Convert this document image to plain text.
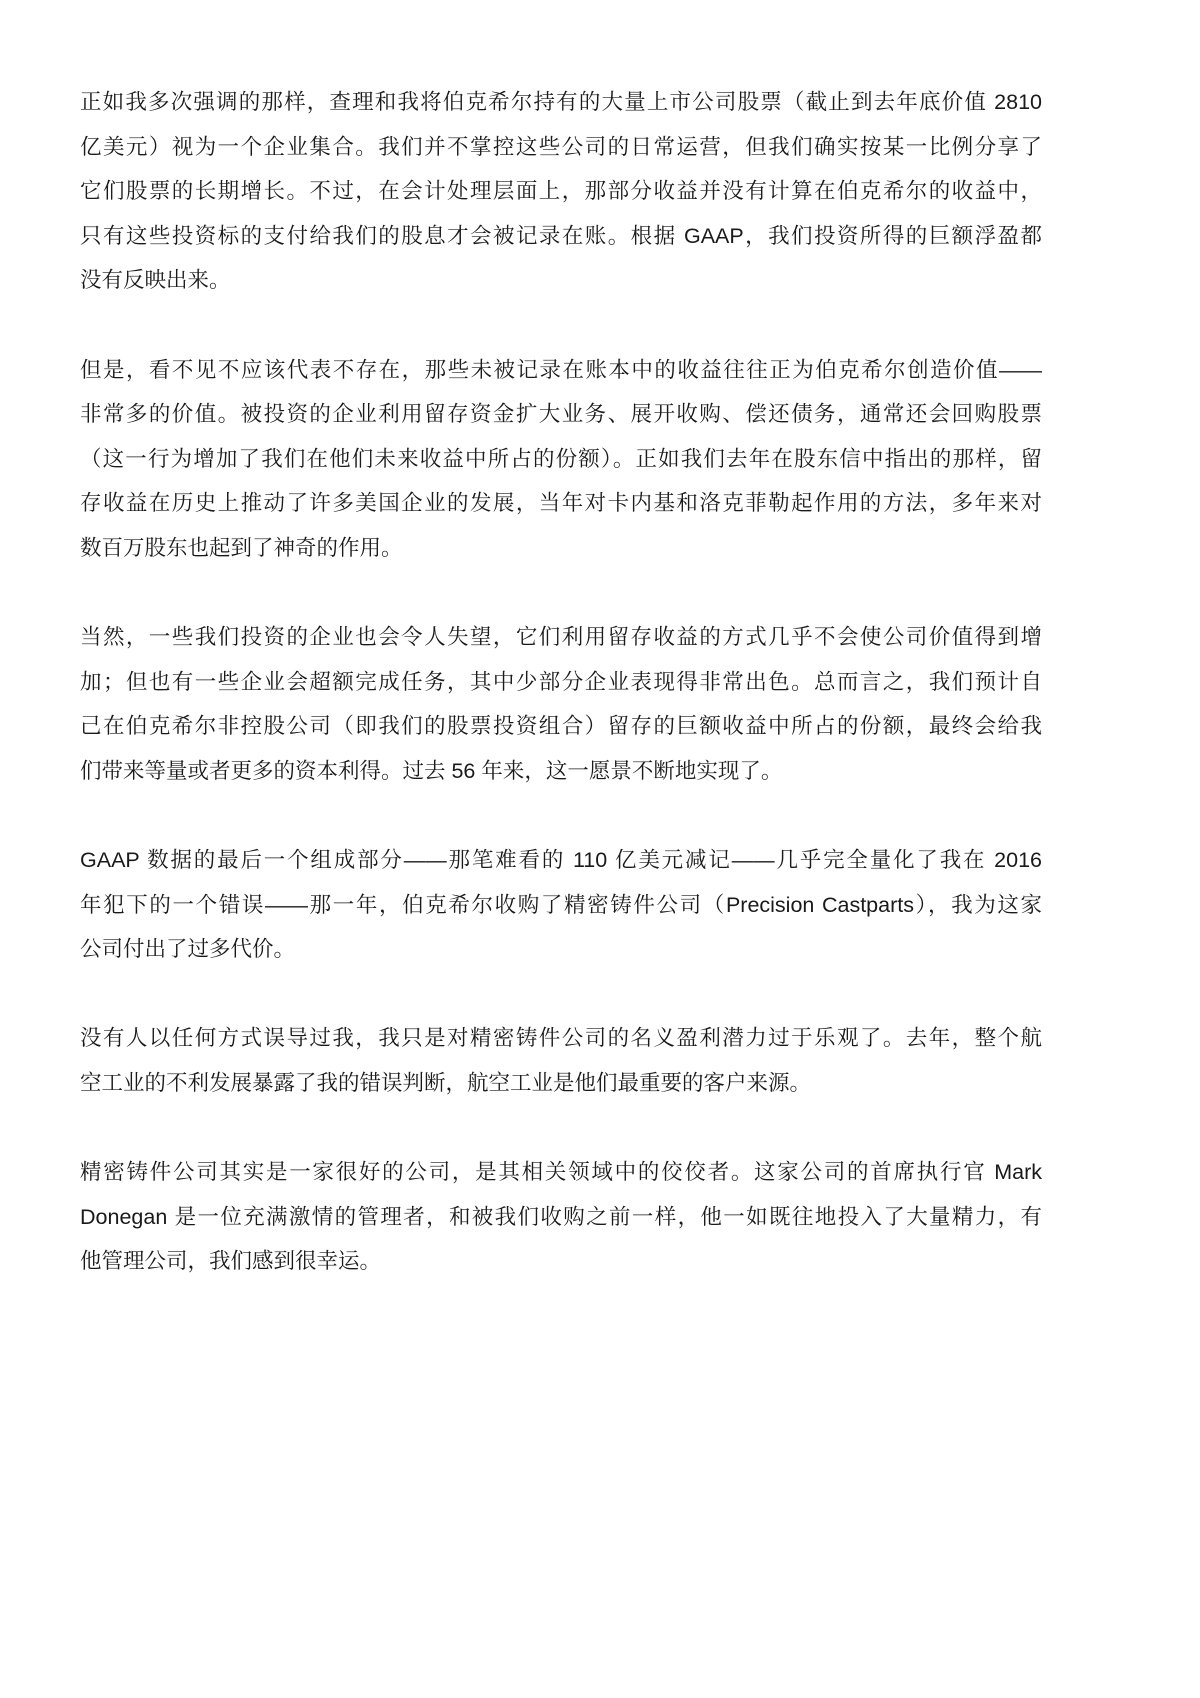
正如我多次强调的那样，查理和我将伯克希尔持有的大量上市公司股票（截止到去年底价值 2810
亿美元）视为一个企业集合。我们并不掌控这些公司的日常运营，但我们确实按某一比例分享了
它们股票的长期增长。不过，在会计处理层面上，那部分收益并没有计算在伯克希尔的收益中，
只有这些投资标的支付给我们的股息才会被记录在账。根据 GAAP，我们投资所得的巨额浮盈都
没有反映出来。
但是，看不见不应该代表不存在，那些未被记录在账本中的收益往往正为伯克希尔创造价值——
非常多的价值。被投资的企业利用留存资金扩大业务、展开收购、偿还债务，通常还会回购股票
（这一行为增加了我们在他们未来收益中所占的份额）。正如我们去年在股东信中指出的那样，留
存收益在历史上推动了许多美国企业的发展，当年对卡内基和洛克菲勒起作用的方法，多年来对
数百万股东也起到了神奇的作用。
当然，一些我们投资的企业也会令人失望，它们利用留存收益的方式几乎不会使公司价值得到增
加；但也有一些企业会超额完成任务，其中少部分企业表现得非常出色。总而言之，我们预计自
己在伯克希尔非控股公司（即我们的股票投资组合）留存的巨额收益中所占的份额，最终会给我
们带来等量或者更多的资本利得。过去 56 年来，这一愿景不断地实现了。
GAAP 数据的最后一个组成部分——那笔难看的 110 亿美元减记——几乎完全量化了我在 2016
年犯下的一个错误——那一年，伯克希尔收购了精密铸件公司（Precision Castparts），我为这家
公司付出了过多代价。
没有人以任何方式误导过我，我只是对精密铸件公司的名义盈利潜力过于乐观了。去年，整个航
空工业的不利发展暴露了我的错误判断，航空工业是他们最重要的客户来源。
精密铸件公司其实是一家很好的公司，是其相关领域中的佼佼者。这家公司的首席执行官 Mark
Donegan 是一位充满激情的管理者，和被我们收购之前一样，他一如既往地投入了大量精力，有
他管理公司，我们感到很幸运。
